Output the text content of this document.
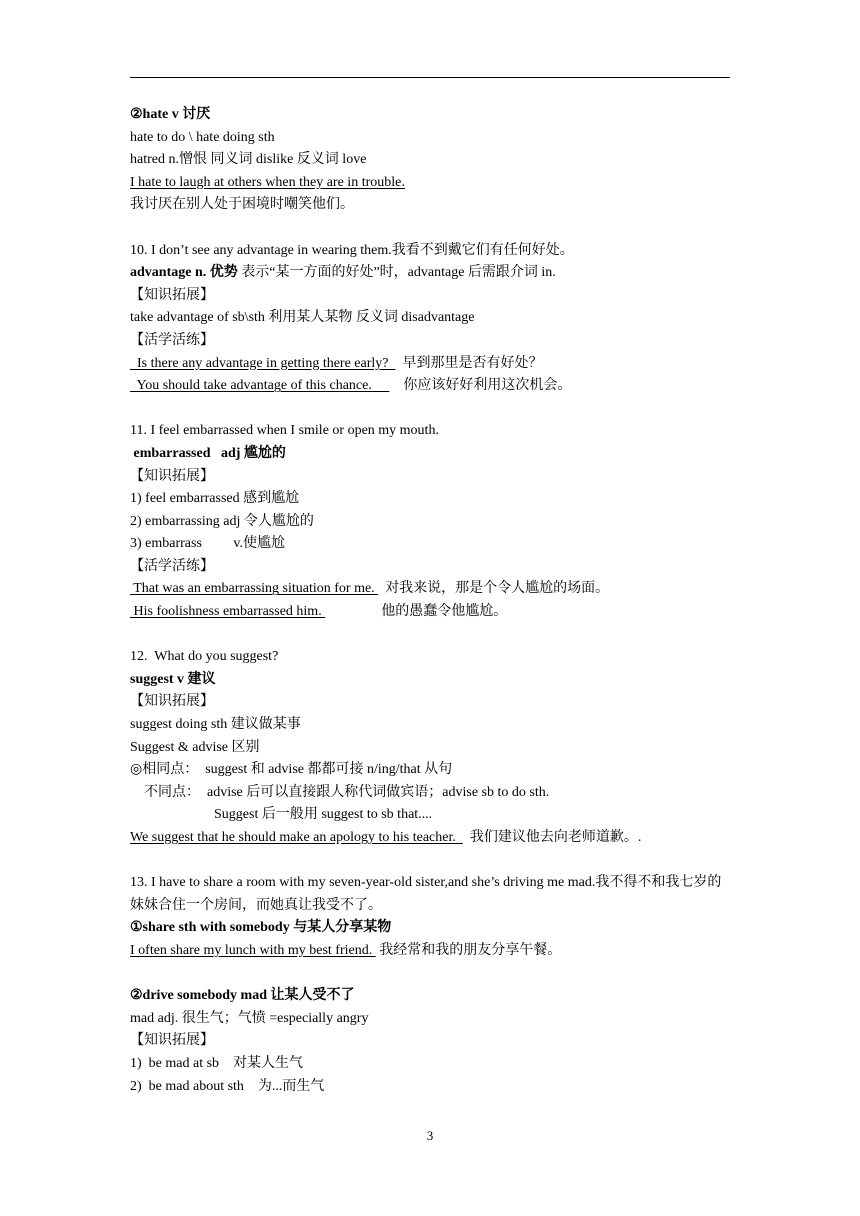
②hate v 讨厌
hate to do \ hate doing sth
hatred n.憎恨 同义词 dislike 反义词 love
I hate to laugh at others when they are in trouble.
我讨厌在别人处于困境时嘲笑他们。
10. I don’t see any advantage in wearing them.我看不到戴它们有任何好处。
advantage n. 优势 表示“某一方面的好处”时，advantage 后需跟介词 in.
【知识拓展】
take advantage of sb\sth 利用某人某物 反义词 disadvantage
【活学活练】
Is there any advantage in getting there early?    早到那里是否有好处？
You should take advantage of this chance.         你应该好好利用这次机会。
11. I feel embarrassed when I smile or open my mouth.
embarrassed   adj 尴尬的
【知识拓展】
1) feel embarrassed 感到尴尬
2) embarrassing adj 令人尴尬的
3) embarrass         v.使尴尬
【活学活练】
That was an embarrassing situation for me.   对我来说，那是个令人尴尬的场面。
His foolishness embarrassed him.                 他的愚蠢令他尴尬。
12.  What do you suggest?
suggest v 建议
【知识拓展】
suggest doing sth 建议做某事
Suggest & advise 区别
◎相同点：  suggest 和 advise 都都可接 n/ing/that 从句
不同点：  advise 后可以直接跟人称代词做宾语；advise sb to do sth.
Suggest 后一般用 suggest to sb that....
We suggest that he should make an apology to his teacher.    我们建议他去向老师道歉。.
13. I have to share a room with my seven-year-old sister,and she’s driving me mad.我不得不和我七岁的妹妹合住一个房间，而她真让我受不了。
①share sth with somebody 与某人分享某物
I often share my lunch with my best friend.  我经常和我的朋友分享午餐。
②drive somebody mad 让某人受不了
mad adj. 很生气；气愤 =especially angry
【知识拓展】
1)  be mad at sb    对某人生气
2)  be mad about sth    为...而生气
3
